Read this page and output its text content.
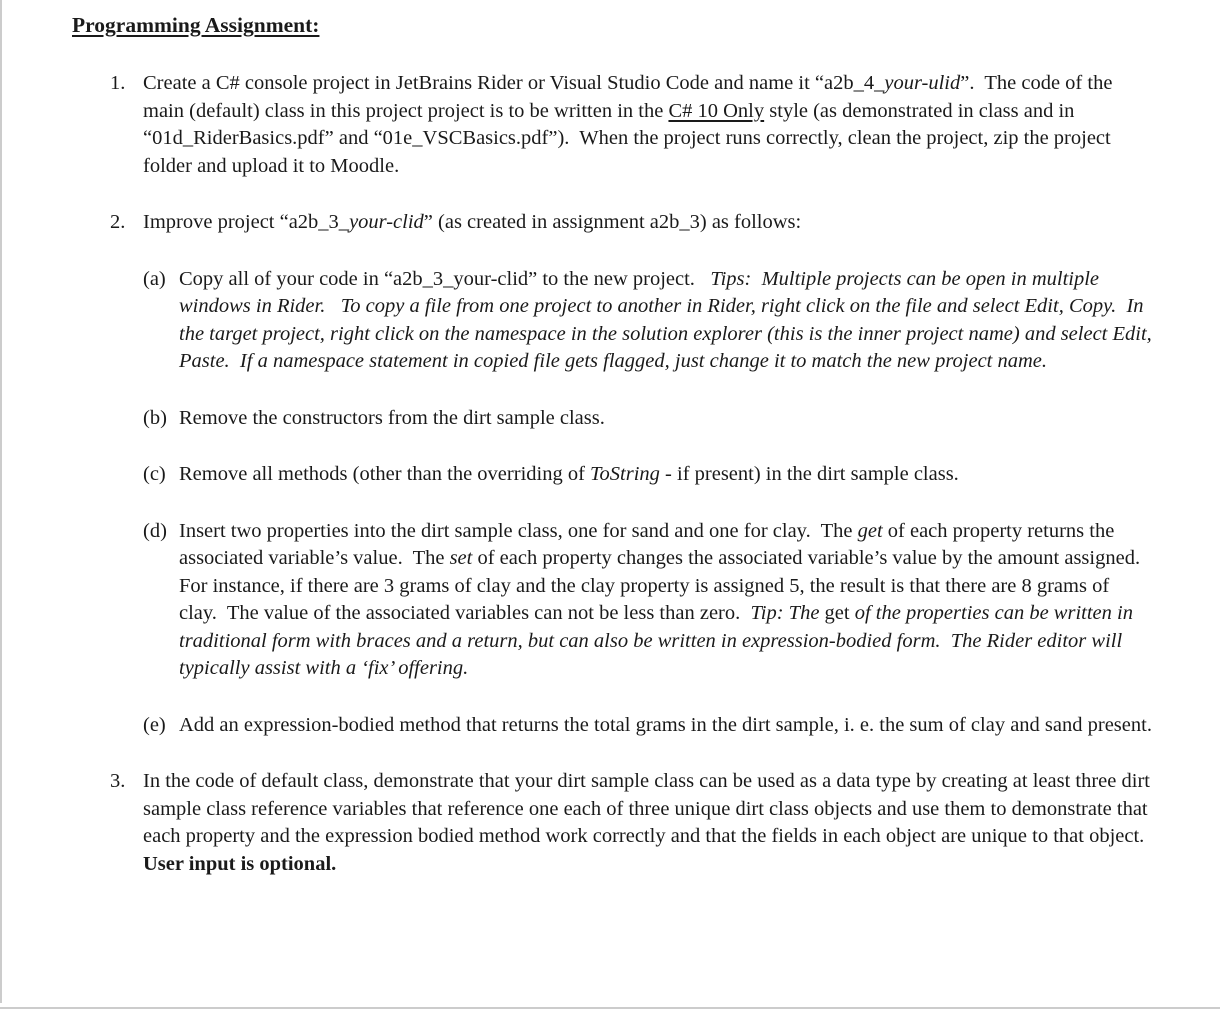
Programming Assignment:
1. Create a C# console project in JetBrains Rider or Visual Studio Code and name it “a2b_4_your-ulid”.  The code of the main (default) class in this project project is to be written in the C# 10 Only style (as demonstrated in class and in “01d_RiderBasics.pdf” and “01e_VSCBasics.pdf”).  When the project runs correctly, clean the project, zip the project folder and upload it to Moodle.
2. Improve project “a2b_3_your-clid” (as created in assignment a2b_3) as follows:
(a) Copy all of your code in “a2b_3_your-clid” to the new project.   Tips:  Multiple projects can be open in multiple windows in Rider.   To copy a file from one project to another in Rider, right click on the file and select Edit, Copy.  In the target project, right click on the namespace in the solution explorer (this is the inner project name) and select Edit, Paste.  If a namespace statement in copied file gets flagged, just change it to match the new project name.
(b) Remove the constructors from the dirt sample class.
(c) Remove all methods (other than the overriding of ToString - if present) in the dirt sample class.
(d) Insert two properties into the dirt sample class, one for sand and one for clay.  The get of each property returns the associated variable’s value.  The set of each property changes the associated variable’s value by the amount assigned.  For instance, if there are 3 grams of clay and the clay property is assigned 5, the result is that there are 8 grams of clay.  The value of the associated variables can not be less than zero.  Tip: The get of the properties can be written in traditional form with braces and a return, but can also be written in expression-bodied form.  The Rider editor will typically assist with a ‘fix’ offering.
(e) Add an expression-bodied method that returns the total grams in the dirt sample, i. e. the sum of clay and sand present.
3. In the code of default class, demonstrate that your dirt sample class can be used as a data type by creating at least three dirt sample class reference variables that reference one each of three unique dirt class objects and use them to demonstrate that each property and the expression bodied method work correctly and that the fields in each object are unique to that object.  User input is optional.
